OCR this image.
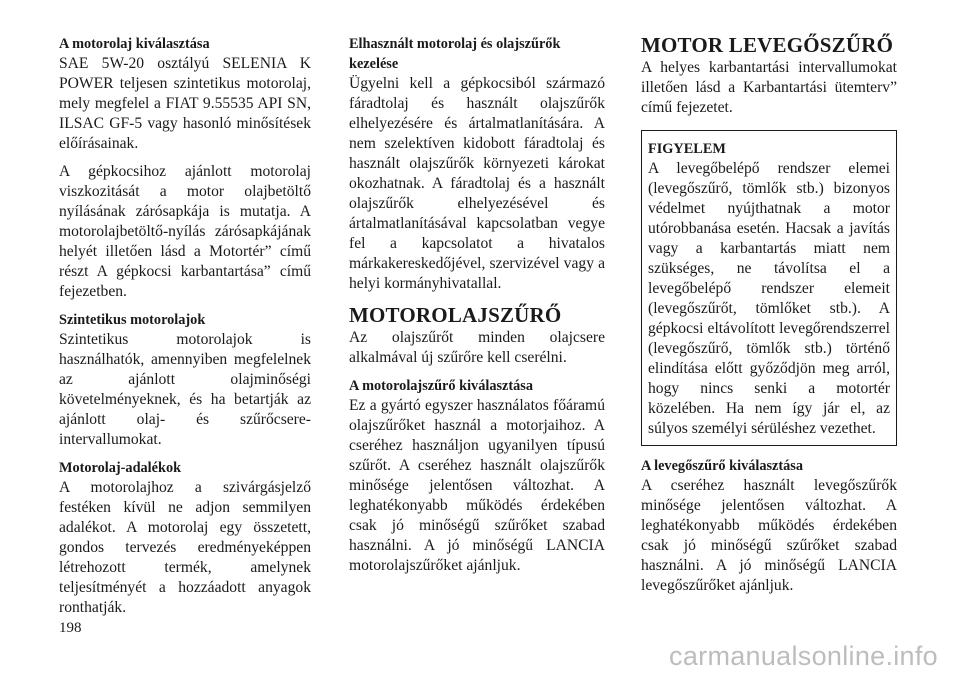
A motorolaj kiválasztása

SAE 5W-20 osztályú SELENIA K POWER teljesen szintetikus motorolaj, mely megfelel a FIAT 9.55535 API SN, ILSAC GF-5 vagy hasonló minősítések előírásainak.

A gépkocsihoz ajánlott motorolaj viszkozitását a motor olajbetöltő nyílásának zárósapkája is mutatja. A motorolajbetöltő-nyílás zárósapkájának helyét illetően lásd a Motortér” című részt A gépkocsi karbantartása” című fejezetben.

Szintetikus motorolajok

Szintetikus motorolajok is használhatók, amennyiben megfelelnek az ajánlott olajminőségi követelményeknek, és ha betartják az ajánlott olaj- és szűrőcsere-intervallumokat.

Motorolaj-adalékok

A motorolajhoz a szivárgásjelző festéken kívül ne adjon semmilyen adalékot. A motorolaj egy összetett, gondos tervezés eredményeképpen létrehozott termék, amelynek teljesítményét a hozzáadott anyagok ronthatják.

Elhasznált motorolaj és olajszűrők kezelése

Ügyelni kell a gépkocsiból származó fáradtolaj és használt olajszűrők elhelyezésére és ártalmatlanítására. A nem szelektíven kidobott fáradtolaj és használt olajszűrők környezeti károkat okozhatnak. A fáradtolaj és a használt olajszűrők elhelyezésével és ártalmatlanításával kapcsolatban vegye fel a kapcsolatot a hivatalos márkakereskedőjével, szervizével vagy a helyi kormányhivatallal.

MOTOROLAJSZŰRŐ

Az olajszűrőt minden olajcsere alkalmával új szűrőre kell cserélni.

A motorolajszűrő kiválasztása

Ez a gyártó egyszer használatos főáramú olajszűrőket használ a motorjaihoz. A cseréhez használjon ugyanilyen típusú szűrőt. A cseréhez használt olajszűrők minősége jelentősen változhat. A leghatékonyabb működés érdekében csak jó minőségű szűrőket szabad használni. A jó minőségű LANCIA motorolajszűrőket ajánljuk.

MOTOR LEVEGŐSZŰRŐ

A helyes karbantartási intervallumokat illetően lásd a Karbantartási ütemterv” című fejezetet.

FIGYELEM

A levegőbelépő rendszer elemei (levegőszűrő, tömlők stb.) bizonyos védelmet nyújthatnak a motor utórobbanása esetén. Hacsak a javítás vagy a karbantartás miatt nem szükséges, ne távolítsa el a levegőbelépő rendszer elemeit (levegőszűrőt, tömlőket stb.). A gépkocsi eltávolított levegőrendszerrel (levegőszűrő, tömlők stb.) történő elindítása előtt győződjön meg arról, hogy nincs senki a motortér közelében. Ha nem így jár el, az súlyos személyi sérüléshez vezethet.

A levegőszűrő kiválasztása

A cseréhez használt levegőszűrők minősége jelentősen változhat. A leghatékonyabb működés érdekében csak jó minőségű szűrőket szabad használni. A jó minőségű LANCIA levegőszűrőket ajánljuk.

198
carmanualsonline.info
